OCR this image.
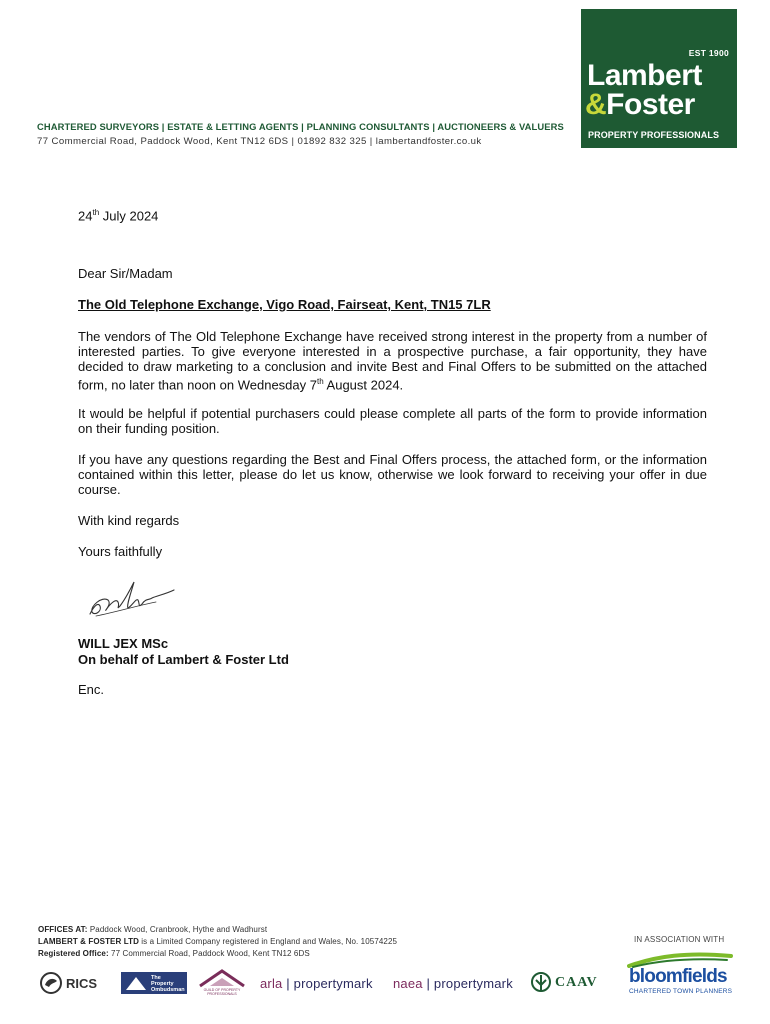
CHARTERED SURVEYORS | ESTATE & LETTING AGENTS | PLANNING CONSULTANTS | AUCTIONEERS & VALUERS
77 Commercial Road, Paddock Wood, Kent TN12 6DS | 01892 832 325 | lambertandfoster.co.uk
EST 1900
Lambert
&Foster
PROPERTY PROFESSIONALS
24th July 2024
Dear Sir/Madam
The Old Telephone Exchange, Vigo Road, Fairseat, Kent, TN15 7LR
The vendors of The Old Telephone Exchange have received strong interest in the property from a number of interested parties. To give everyone interested in a prospective purchase, a fair opportunity, they have decided to draw marketing to a conclusion and invite Best and Final Offers to be submitted on the attached form, no later than noon on Wednesday 7th August 2024.
It would be helpful if potential purchasers could please complete all parts of the form to provide information on their funding position.
If you have any questions regarding the Best and Final Offers process, the attached form, or the information contained within this letter, please do let us know, otherwise we look forward to receiving your offer in due course.
With kind regards
Yours faithfully
WILL JEX MSc
On behalf of Lambert & Foster Ltd
Enc.
OFFICES AT: Paddock Wood, Cranbrook, Hythe and Wadhurst
LAMBERT & FOSTER LTD is a Limited Company registered in England and Wales, No. 10574225
Registered Office: 77 Commercial Road, Paddock Wood, Kent TN12 6DS
IN ASSOCIATION WITH
RICS	The Property
Ombudsman	GUILD OF PROPERTY PROFESSIONALS
arla | propertymark naea | propertymark	CAAV bloomfields
CHARTERED TOWN PLANNERS
